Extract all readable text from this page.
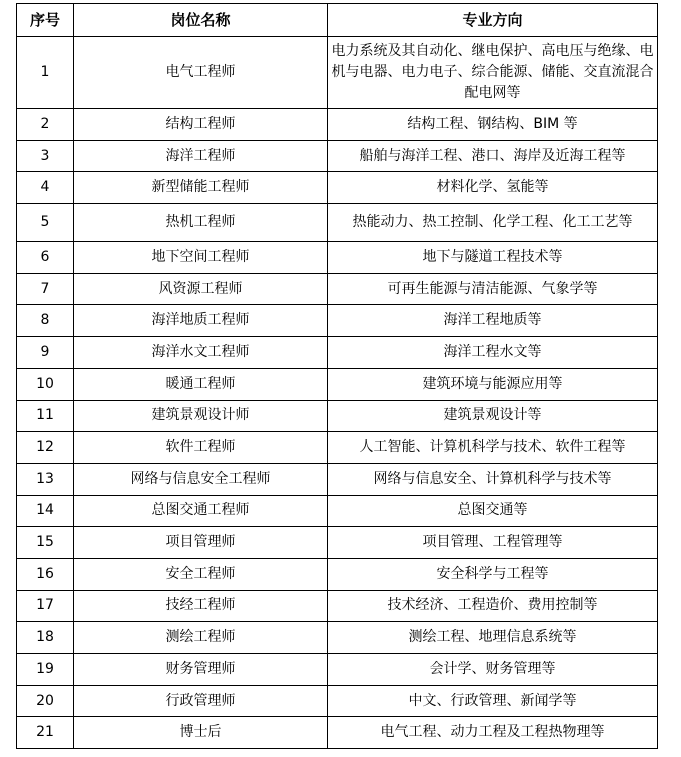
序号	岗位名称	专业方向
1	电气工程师	电力系统及其自动化、继电保护、高电压与绝缘、电机与电器、电力电子、综合能源、储能、交直流混合配电网等
2	结构工程师	结构工程、钢结构、BIM 等
3	海洋工程师	船舶与海洋工程、港口、海岸及近海工程等
4	新型储能工程师	材料化学、氢能等
5	热机工程师	热能动力、热工控制、化学工程、化工工艺等
6	地下空间工程师	地下与隧道工程技术等
7	风资源工程师	可再生能源与清洁能源、气象学等
8	海洋地质工程师	海洋工程地质等
9	海洋水文工程师	海洋工程水文等
10	暖通工程师	建筑环境与能源应用等
11	建筑景观设计师	建筑景观设计等
12	软件工程师	人工智能、计算机科学与技术、软件工程等
13	网络与信息安全工程师	网络与信息安全、计算机科学与技术等
14	总图交通工程师	总图交通等
15	项目管理师	项目管理、工程管理等
16	安全工程师	安全科学与工程等
17	技经工程师	技术经济、工程造价、费用控制等
18	测绘工程师	测绘工程、地理信息系统等
19	财务管理师	会计学、财务管理等
20	行政管理师	中文、行政管理、新闻学等
21	博士后	电气工程、动力工程及工程热物理等
